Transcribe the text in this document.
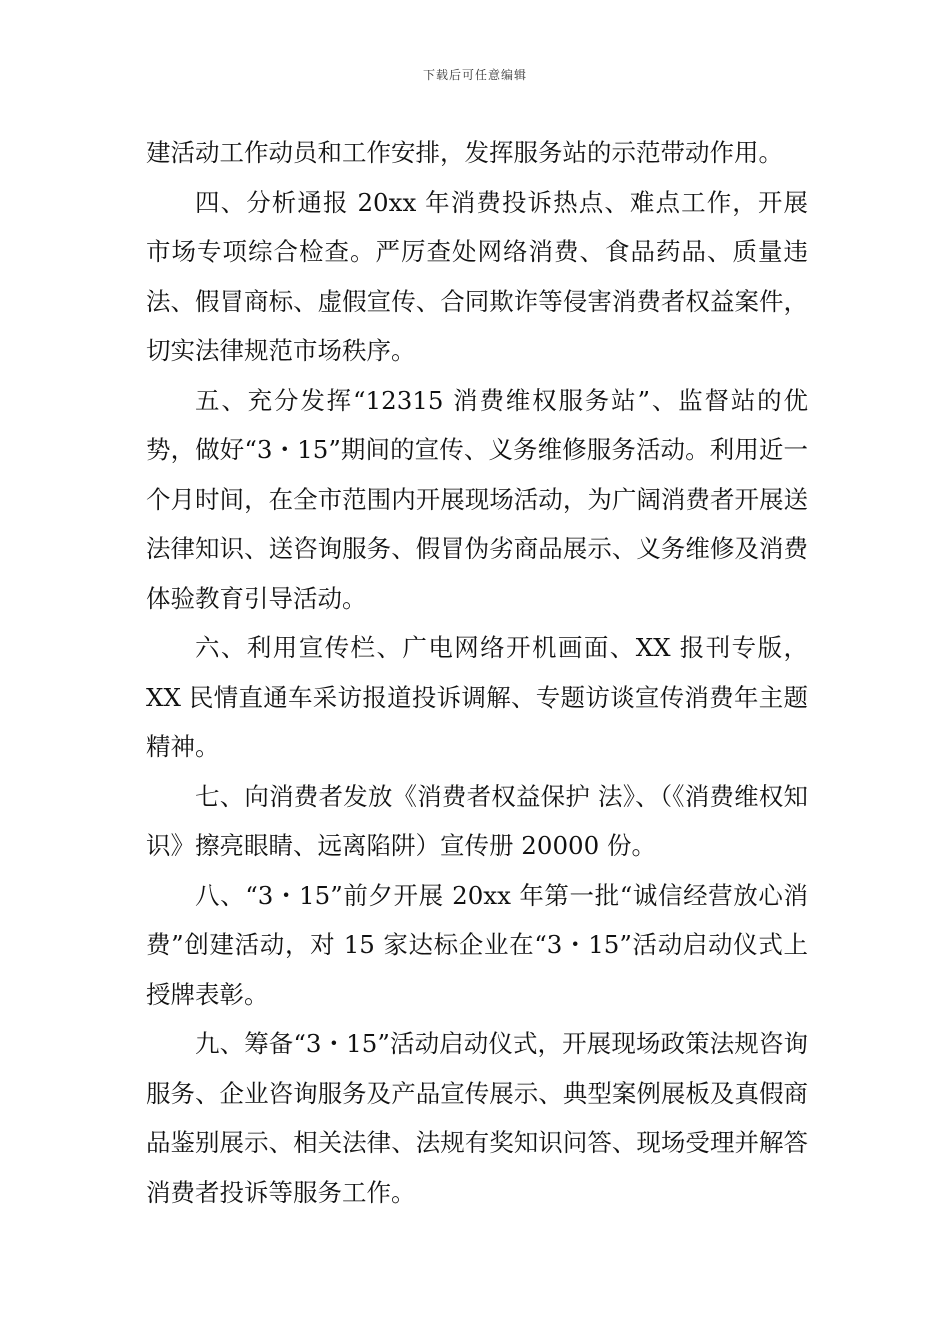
下载后可任意编辑

建活动工作动员和工作安排，发挥服务站的示范带动作用。

四、分析通报 20xx 年消费投诉热点、难点工作，开展市场专项综合检查。严厉查处网络消费、食品药品、质量违法、假冒商标、虚假宣传、合同欺诈等侵害消费者权益案件，切实法律规范市场秩序。

五、充分发挥“12315 消费维权服务站”、监督站的优势，做好“3・15”期间的宣传、义务维修服务活动。利用近一个月时间，在全市范围内开展现场活动，为广阔消费者开展送法律知识、送咨询服务、假冒伪劣商品展示、义务维修及消费体验教育引导活动。

六、利用宣传栏、广电网络开机画面、XX 报刊专版，XX 民情直通车采访报道投诉调解、专题访谈宣传消费年主题精神。

七、向消费者发放《消费者权益保护 法》、（《消费维权知识》擦亮眼睛、远离陷阱）宣传册 20000 份。

八、“3・15”前夕开展 20xx 年第一批“诚信经营放心消费”创建活动，对 15 家达标企业在“3・15”活动启动仪式上授牌表彰。

九、筹备“3・15”活动启动仪式，开展现场政策法规咨询服务、企业咨询服务及产品宣传展示、典型案例展板及真假商品鉴别展示、相关法律、法规有奖知识问答、现场受理并解答消费者投诉等服务工作。
